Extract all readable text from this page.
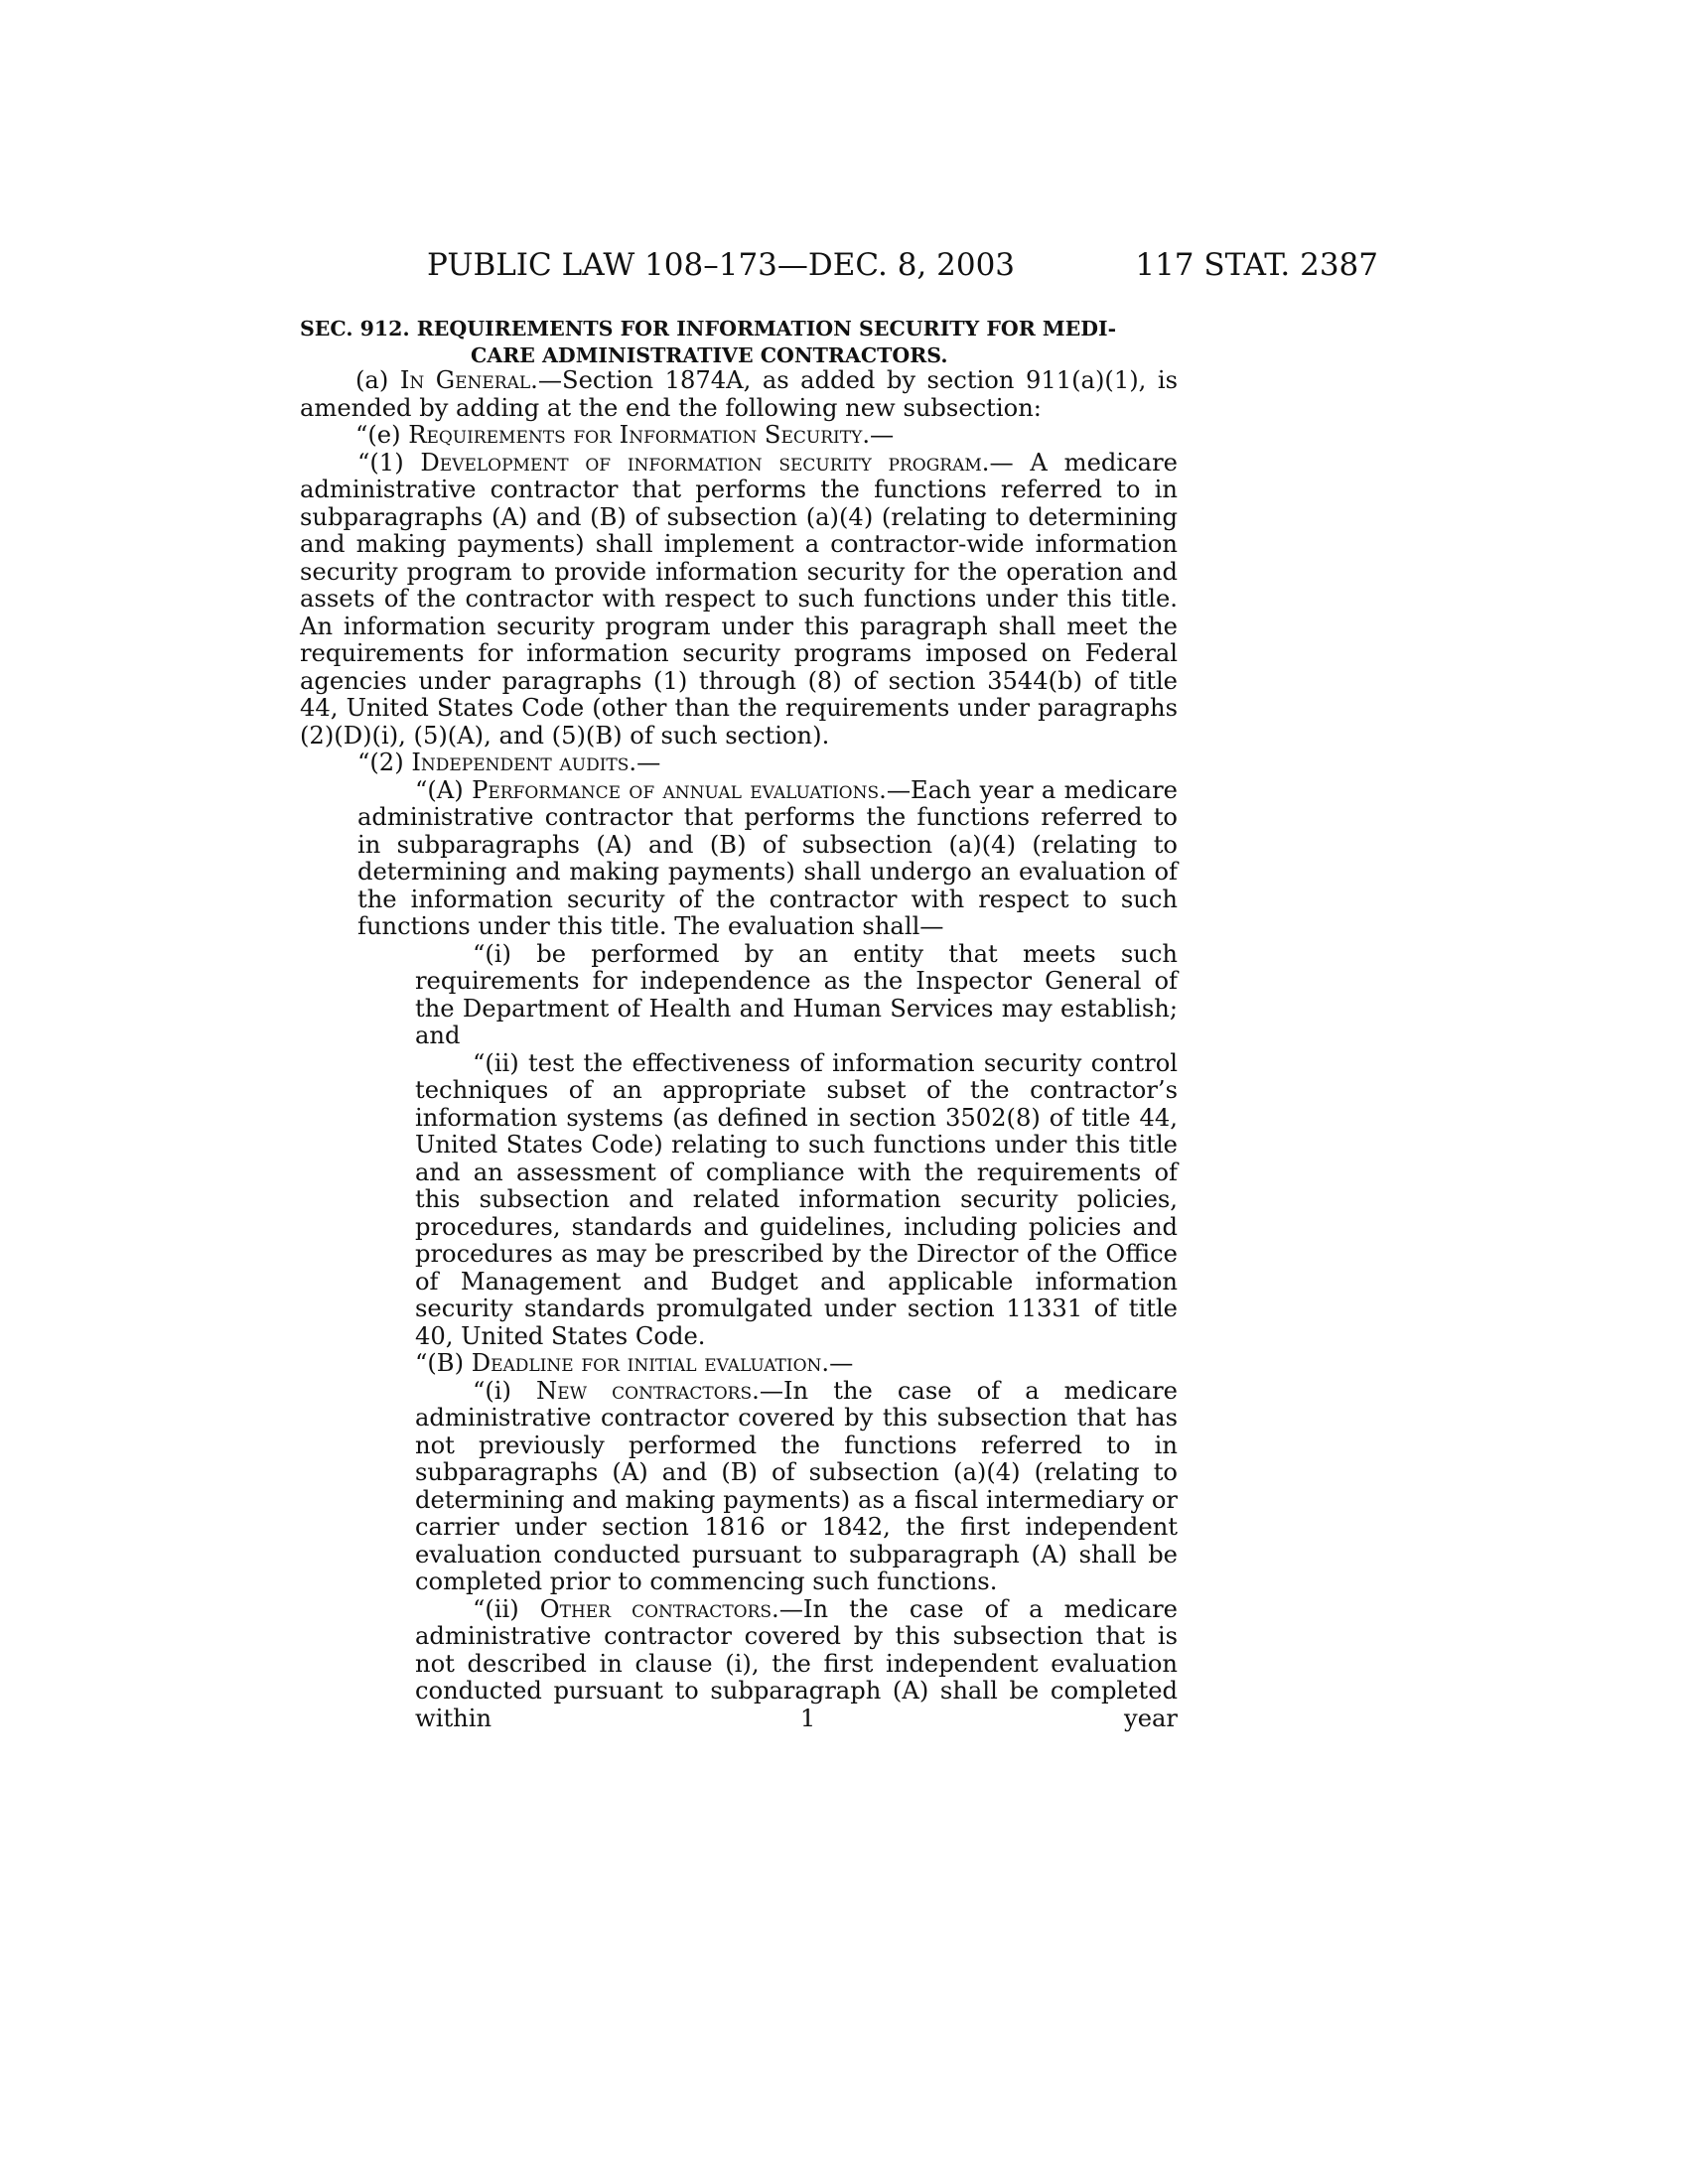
PUBLIC LAW 108–173—DEC. 8, 2003	117 STAT. 2387
SEC. 912. REQUIREMENTS FOR INFORMATION SECURITY FOR MEDI-
CARE ADMINISTRATIVE CONTRACTORS.

(a) In General.—Section 1874A, as added by section 911(a)(1), is amended by adding at the end the following new subsection:

“(e) Requirements for Information Security.—

“(1) Development of information security program.— A medicare administrative contractor that performs the functions referred to in subparagraphs (A) and (B) of subsection (a)(4) (relating to determining and making payments) shall implement a contractor-wide information security program to provide information security for the operation and assets of the contractor with respect to such functions under this title. An information security program under this paragraph shall meet the requirements for information security programs imposed on Federal agencies under paragraphs (1) through (8) of section 3544(b) of title 44, United States Code (other than the requirements under paragraphs (2)(D)(i), (5)(A), and (5)(B) of such section).

“(2) Independent audits.—

“(A) Performance of annual evaluations.—Each year a medicare administrative contractor that performs the functions referred to in subparagraphs (A) and (B) of subsection (a)(4) (relating to determining and making payments) shall undergo an evaluation of the information security of the contractor with respect to such functions under this title. The evaluation shall—

“(i) be performed by an entity that meets such requirements for independence as the Inspector General of the Department of Health and Human Services may establish; and

“(ii) test the effectiveness of information security control techniques of an appropriate subset of the contractor’s information systems (as defined in section 3502(8) of title 44, United States Code) relating to such functions under this title and an assessment of compliance with the requirements of this subsection and related information security policies, procedures, standards and guidelines, including policies and procedures as may be prescribed by the Director of the Office of Management and Budget and applicable information security standards promulgated under section 11331 of title 40, United States Code.

“(B) Deadline for initial evaluation.—

“(i) New contractors.—In the case of a medicare administrative contractor covered by this subsection that has not previously performed the functions referred to in subparagraphs (A) and (B) of subsection (a)(4) (relating to determining and making payments) as a fiscal intermediary or carrier under section 1816 or 1842, the first independent evaluation conducted pursuant to subparagraph (A) shall be completed prior to commencing such functions.

“(ii) Other contractors.—In the case of a medicare administrative contractor covered by this subsection that is not described in clause (i), the first independent evaluation conducted pursuant to subparagraph (A) shall be completed within 1 year
